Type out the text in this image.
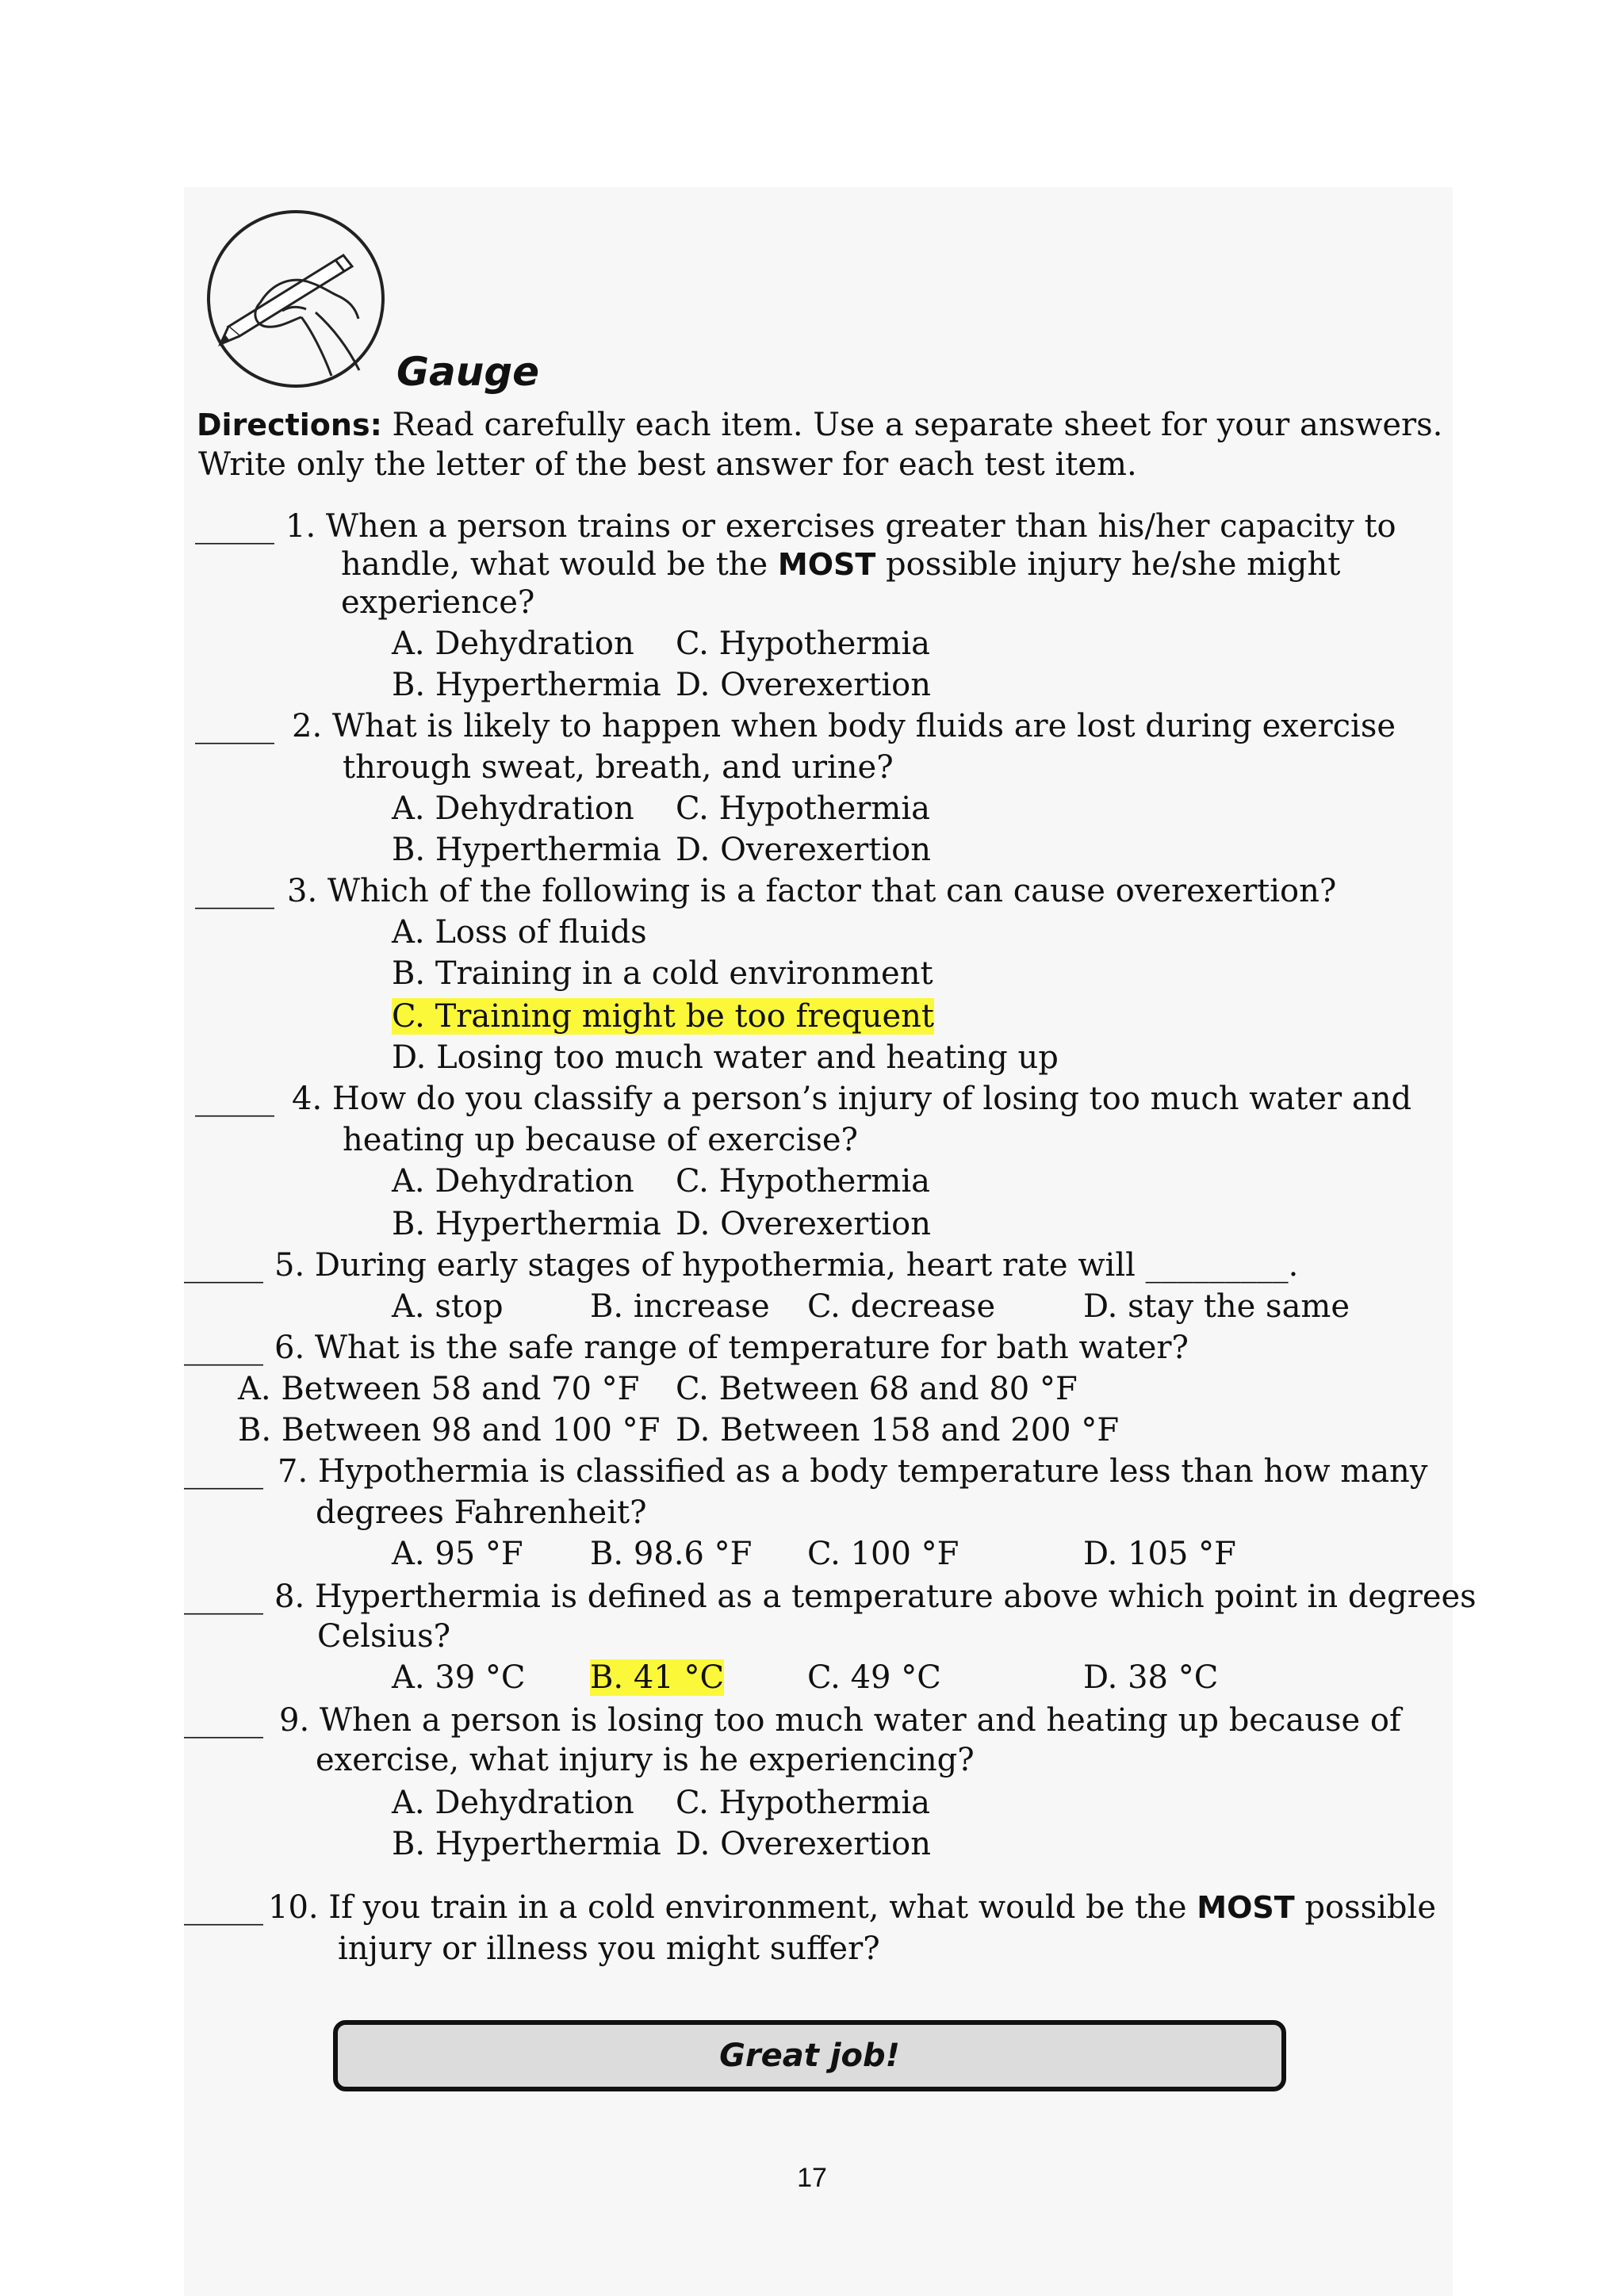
Gauge
Directions: Read carefully each item. Use a separate sheet for your answers.
Write only the letter of the best answer for each test item.
_____ 1. When a person trains or exercises greater than his/her capacity to
handle, what would be the MOST possible injury he/she might
experience?
A. Dehydration C. Hypothermia
B. Hyperthermia D. Overexertion
_____ 2. What is likely to happen when body fluids are lost during exercise
through sweat, breath, and urine?
A. Dehydration C. Hypothermia
B. Hyperthermia D. Overexertion
_____ 3. Which of the following is a factor that can cause overexertion?
A. Loss of fluids
B. Training in a cold environment
C. Training might be too frequent
D. Losing too much water and heating up
_____ 4. How do you classify a person’s injury of losing too much water and
heating up because of exercise?
A. Dehydration C. Hypothermia
B. Hyperthermia D. Overexertion
_____ 5. During early stages of hypothermia, heart rate will _________.
A. stop	B. increase C. decrease	D. stay the same
_____ 6. What is the safe range of temperature for bath water?
A. Between 58 and 70 °F C. Between 68 and 80 °F
B. Between 98 and 100 °F D. Between 158 and 200 °F
_____ 7. Hypothermia is classified as a body temperature less than how many
degrees Fahrenheit?
A. 95 °F B. 98.6 °F C. 100 °F	D. 105 °F
_____ 8. Hyperthermia is defined as a temperature above which point in degrees
Celsius?
A. 39 °C B. 41 °C	C. 49 °C	D. 38 °C
_____ 9. When a person is losing too much water and heating up because of
exercise, what injury is he experiencing?
A. Dehydration C. Hypothermia
B. Hyperthermia D. Overexertion
_____ 10. If you train in a cold environment, what would be the MOST possible
injury or illness you might suffer?
Great job!
17
